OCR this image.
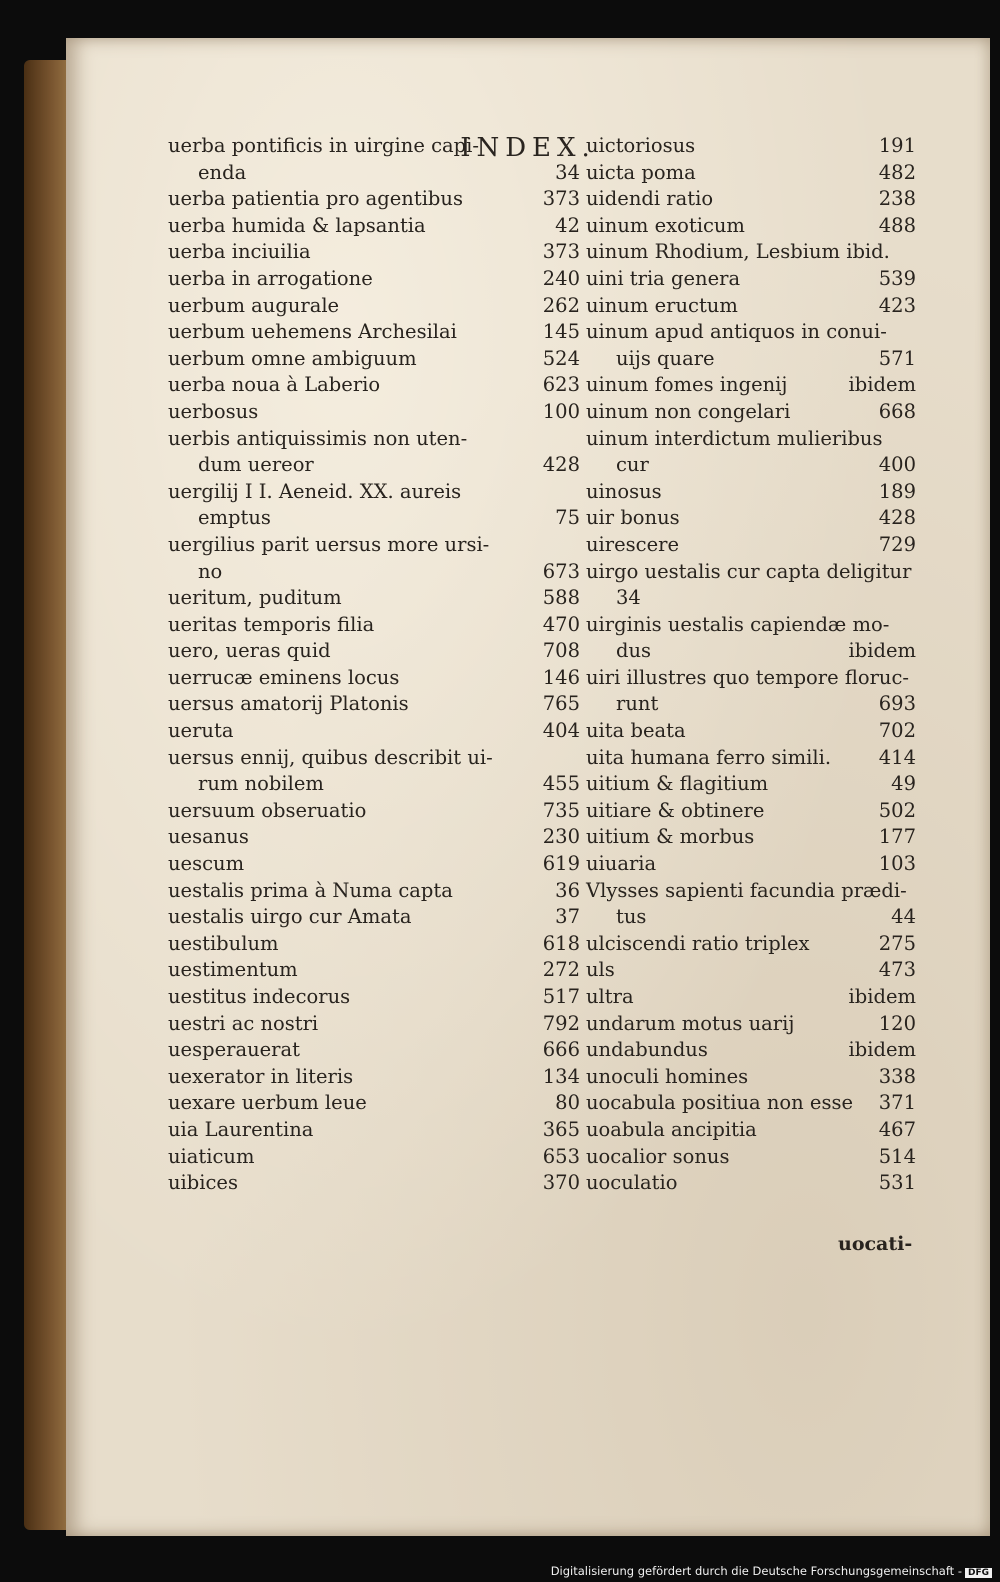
INDEX.
uerba pontificis in uirgine capi-
enda	34
uerba patientia pro agentibus	373
uerba humida & lapsantia	42
uerba inciuilia	373
uerba in arrogatione	240
uerbum augurale	262
uerbum uehemens Archesilai	145
uerbum omne ambiguum	524
uerba noua à Laberio	623
uerbosus	100
uerbis antiquissimis non uten-
dum uereor	428
uergilij I I. Aeneid. XX. aureis
emptus	75
uergilius parit uersus more ursi-
no	673
ueritum, puditum	588
ueritas temporis filia	470
uero, ueras quid	708
uerrucæ eminens locus	146
uersus amatorij Platonis	765
ueruta	404
uersus ennij, quibus describit ui-
rum nobilem	455
uersuum obseruatio	735
uesanus	230
uescum	619
uestalis prima à Numa capta	36
uestalis uirgo cur Amata	37
uestibulum	618
uestimentum	272
uestitus indecorus	517
uestri ac nostri	792
uesperauerat	666
uexerator in literis	134
uexare uerbum leue	80
uia Laurentina	365
uiaticum	653
uibices	370
uictoriosus	191
uicta poma	482
uidendi ratio	238
uinum exoticum	488
uinum Rhodium, Lesbium ibid.
uini tria genera	539
uinum eructum	423
uinum apud antiquos in conui-
uijs quare	571
uinum fomes ingenij	ibidem
uinum non congelari	668
uinum interdictum mulieribus
cur	400
uinosus	189
uir bonus	428
uirescere	729
uirgo uestalis cur capta deligitur
34
uirginis uestalis capiendæ mo-
dus	ibidem
uiri illustres quo tempore floruc-
runt	693
uita beata	702
uita humana ferro simili. 414
uitium & flagitium	49
uitiare & obtinere	502
uitium & morbus	177
uiuaria	103
Vlysses sapienti facundia prædi-
tus	44
ulciscendi ratio triplex	275
uls	473
ultra	ibidem
undarum motus uarij	120
undabundus	ibidem
unoculi homines	338
uocabula positiua non esse 371
uoabula ancipitia	467
uocalior sonus	514
uoculatio	531
uocati-
Digitalisierung gefördert durch die Deutsche Forschungsgemeinschaft - DFG
